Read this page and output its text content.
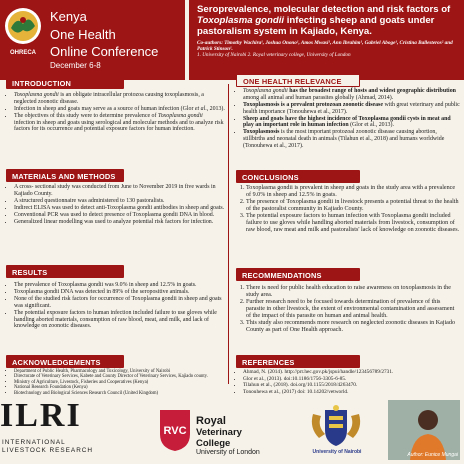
OHRECA
Kenya
One Health
Online Conference
December 6-8

Seroprevalence, molecular detection and risk factors of Toxoplasma gondii infecting sheep and goats under pastoralism system in Kajiado, Kenya.

Co-authors: Timothy Wachira¹, Joshua Onono¹, Amos Mwasi¹, Ann Ibrahim¹, Gabriel Aboge¹, Cristina Ballesteros² and Patrick Stinson¹.
1. University of Nairobi 2. Royal veterinary college, University of London
INTRODUCTION
• Toxoplasma gondii is an obligate intracellular protozoa causing toxoplasmosis, a neglected zoonotic disease.
• Infection in sheep and goats may serve as a source of human infection (Glor et al., 2013).
• The objectives of this study were to determine prevalence of Toxoplasma gondii infection in sheep and goats using serological and molecular methods and to analyze risk factors for its occurrence and potential exposure factors for human infection.
ONE HEALTH RELEVANCE
• Toxoplasma gondii has the broadest range of hosts and widest geographic distribution among all animal and human parasites globally (Ahmad, 2014).
• Toxoplasmosis is a prevalent protozoan zoonotic disease with great veterinary and public health importance (Tonouhewa et al., 2017).
• Sheep and goats have the highest incidence of Toxoplasma gondii cysts in meat and play an important role in human infection (Glor et al., 2013).
• Toxoplasmosis is the most important protozoal zoonotic disease causing abortion, stillbirths and neonatal death in animals (Tilahun et al., 2018) and humans worldwide (Tonouhewa et al., 2017).
MATERIALS AND METHODS
• A cross- sectional study was conducted from June to November 2019 in five wards in Kajiado County.
• A structured questionnaire was administered to 130 pastoralists.
• Indirect ELISA was used to detect anti-Toxoplasma gondii antibodies in sheep and goats.
• Conventional PCR was used to detect presence of Toxoplasma gondii DNA in blood.
• Generalized linear modelling was used to analyze potential risk factors for infection.
CONCLUSIONS
1. Toxoplasma gondii is prevalent in sheep and goats in the study area with a prevalence of 9.0% in sheep and 12.5% in goats.
2. The presence of Toxoplasma gondii in livestock presents a potential threat to the health of the pastoralist community in Kajiado County.
3. The potential exposure factors to human infection with Toxoplasma gondii included failure to use gloves while handling aborted materials from livestock, consumption of raw blood, raw meat and milk and pastoralists' lack of knowledge on zoonotic diseases.
RESULTS
• The prevalence of Toxoplasma gondii was 9.0% in sheep and 12.5% in goats.
• Toxoplasma gondii DNA was detected in 89% of the seropositive animals.
• None of the studied risk factors for occurrence of Toxoplasma gondii in sheep and goats was significant.
• The potential exposure factors to human infection included failure to use gloves while handling aborted materials, consumption of raw blood, meat, and milk, and lack of knowledge on zoonotic diseases.
RECOMMENDATIONS
1. There is need for public health education to raise awareness on toxoplasmosis in the study area.
2. Further research need to be focused towards determination of prevalence of this parasite in other livestock, the extent of environmental contamination and assessment of the impact of this parasite on human and animal health.
3. This study also recommends more research on neglected zoonotic diseases in Kajiado County as part of One Health approach.
ACKNOWLEDGEMENTS
• Department of Public Health, Pharmacology and Toxicology, University of Nairobi
• Directorate of Veterinary Services, Kabete and County Director of Veterinary Services, Kajiado county.
• Ministry of Agriculture, Livestock, Fisheries and Cooperatives (Kenya)
• National Research Foundation (Kenya)
• Biotechnology and Biological Sciences Research Council (United Kingdom)
REFERENCES
• Ahmad, N. (2014). http://prr.hec.gov.pk/jspui/handle/123456789/2731.
• Glor et al., (2013). doi:10.1186/1756-3305-6-85.
• Tilahun et al., (2018). doi.org/10.1155/2018/4263470.
• Tonouhewa et al., (2017) doi: 10.14202/vetworld.
ILRI
INTERNATIONAL
LIVESTOCK RESEARCH
RVC
Royal
Veterinary
College
University of London	University of Nairobi	Author: Eunice Mungai
